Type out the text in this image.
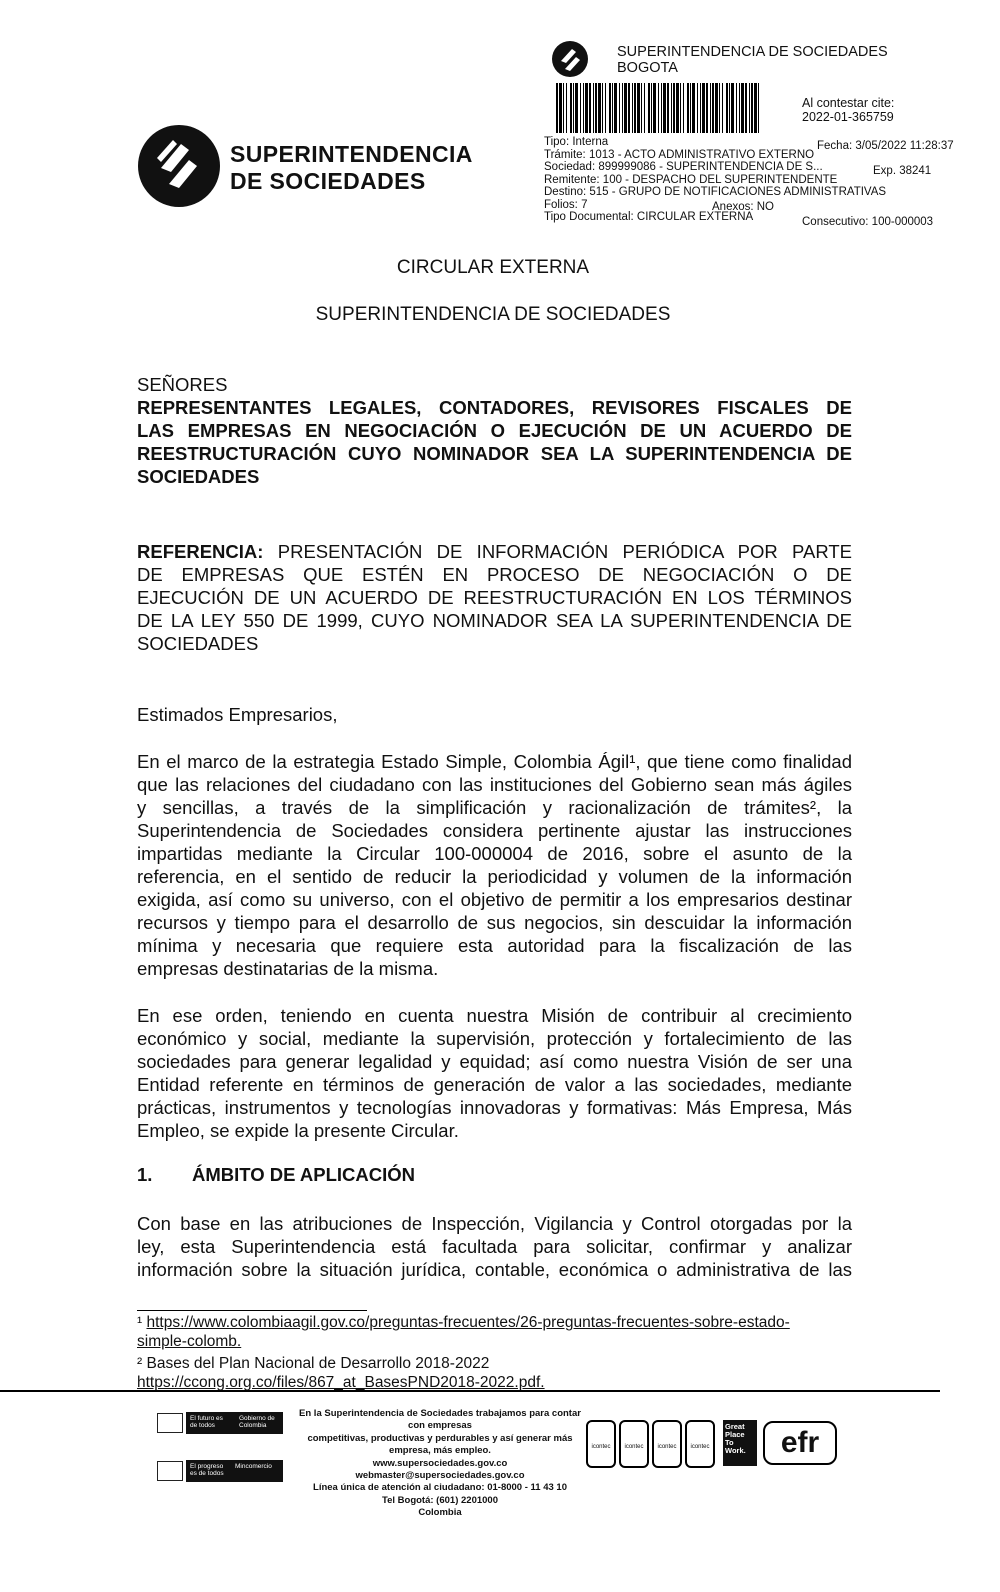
SUPERINTENDENCIA
DE SOCIEDADES
SUPERINTENDENCIA DE SOCIEDADES
BOGOTA
Al contestar cite:
2022-01-365759
Tipo: Interna	Fecha: 3/05/2022 11:28:37
Trámite: 1013 - ACTO ADMINISTRATIVO EXTERNO
Sociedad: 899999086 - SUPERINTENDENCIA DE S...	Exp. 38241
Remitente: 100 - DESPACHO DEL SUPERINTENDENTE
Destino: 515 - GRUPO DE NOTIFICACIONES ADMINISTRATIVAS
Folios: 7	Anexos: NO
Tipo Documental: CIRCULAR EXTERNA	Consecutivo: 100-000003
CIRCULAR EXTERNA
SUPERINTENDENCIA DE SOCIEDADES
SEÑORES
REPRESENTANTES LEGALES, CONTADORES, REVISORES FISCALES DE
LAS EMPRESAS EN NEGOCIACIÓN O EJECUCIÓN DE UN ACUERDO DE
REESTRUCTURACIÓN CUYO NOMINADOR SEA LA SUPERINTENDENCIA DE
SOCIEDADES
REFERENCIA: PRESENTACIÓN DE INFORMACIÓN PERIÓDICA POR PARTE
DE EMPRESAS QUE ESTÉN EN PROCESO DE NEGOCIACIÓN O DE
EJECUCIÓN DE UN ACUERDO DE REESTRUCTURACIÓN EN LOS TÉRMINOS
DE LA LEY 550 DE 1999, CUYO NOMINADOR SEA LA SUPERINTENDENCIA DE
SOCIEDADES
Estimados Empresarios,
En el marco de la estrategia Estado Simple, Colombia Ágil¹, que tiene como finalidad
que las relaciones del ciudadano con las instituciones del Gobierno sean más ágiles
y sencillas, a través de la simplificación y racionalización de trámites², la
Superintendencia de Sociedades considera pertinente ajustar las instrucciones
impartidas mediante la Circular 100-000004 de 2016, sobre el asunto de la
referencia, en el sentido de reducir la periodicidad y volumen de la información
exigida, así como su universo, con el objetivo de permitir a los empresarios destinar
recursos y tiempo para el desarrollo de sus negocios, sin descuidar la información
mínima y necesaria que requiere esta autoridad para la fiscalización de las
empresas destinatarias de la misma.
En ese orden, teniendo en cuenta nuestra Misión de contribuir al crecimiento
económico y social, mediante la supervisión, protección y fortalecimiento de las
sociedades para generar legalidad y equidad; así como nuestra Visión de ser una
Entidad referente en términos de generación de valor a las sociedades, mediante
prácticas, instrumentos y tecnologías innovadoras y formativas: Más Empresa, Más
Empleo, se expide la presente Circular.
1. ÁMBITO DE APLICACIÓN
Con base en las atribuciones de Inspección, Vigilancia y Control otorgadas por la
ley, esta Superintendencia está facultada para solicitar, confirmar y analizar
información sobre la situación jurídica, contable, económica o administrativa de las
¹ https://www.colombiaagil.gov.co/preguntas-frecuentes/26-preguntas-frecuentes-sobre-estado-
simple-colomb.
² Bases del Plan Nacional de Desarrollo 2018-2022
https://ccong.org.co/files/867_at_BasesPND2018-2022.pdf.
El futuro es de todos
Gobierno de Colombia
El progreso es de todos
Mincomercio
En la Superintendencia de Sociedades trabajamos para contar con empresas
competitivas, productivas y perdurables y así generar más empresa, más empleo.
www.supersociedades.gov.co
webmaster@supersociedades.gov.co
Línea única de atención al ciudadano: 01-8000 - 11 43 10
Tel Bogotá: (601) 2201000
Colombia
icontec	icontec	icontec	icontec
Great Place To Work.	efr
